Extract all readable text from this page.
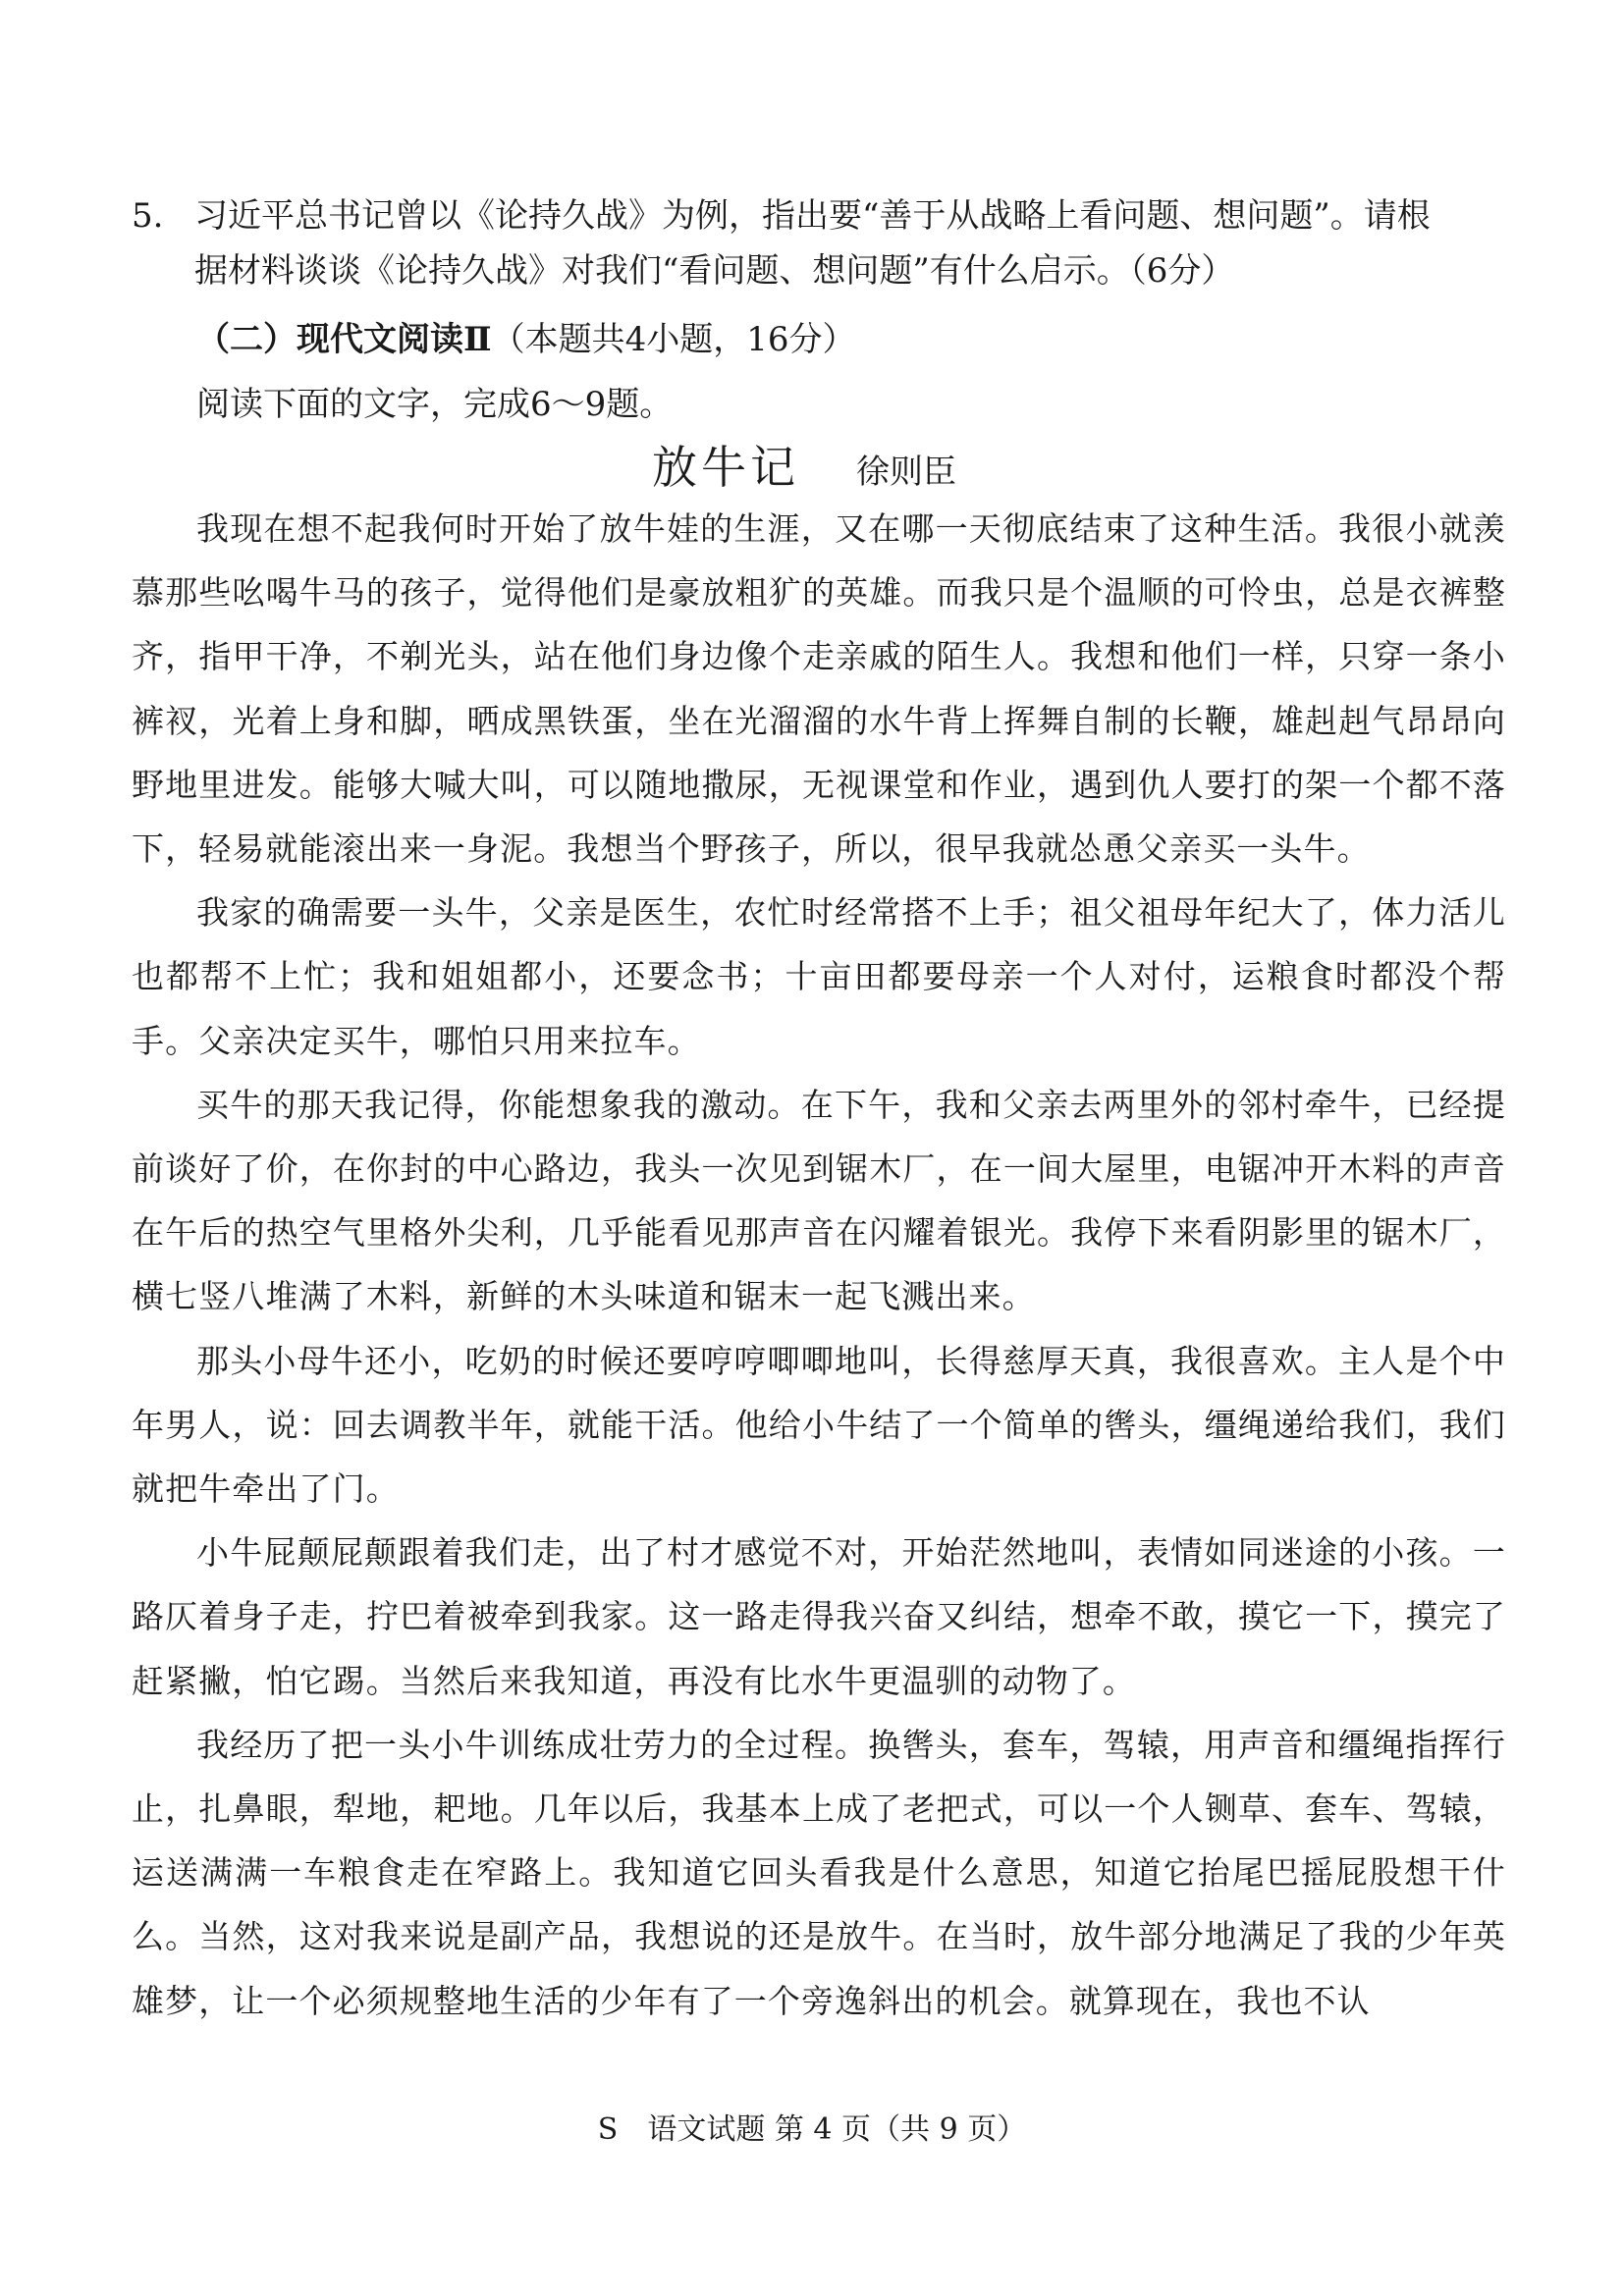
5. 习近平总书记曾以《论持久战》为例，指出要“善于从战略上看问题、想问题”。请根
据材料谈谈《论持久战》对我们“看问题、想问题”有什么启示。（6分）
（二）现代文阅读Ⅱ（本题共4小题，16分）
阅读下面的文字，完成6～9题。
放牛记 徐则臣

我现在想不起我何时开始了放牛娃的生涯，又在哪一天彻底结束了这种生活。我很小就羡慕那些吆喝牛马的孩子，觉得他们是豪放粗犷的英雄。而我只是个温顺的可怜虫，总是衣裤整齐，指甲干净，不剃光头，站在他们身边像个走亲戚的陌生人。我想和他们一样，只穿一条小裤衩，光着上身和脚，晒成黑铁蛋，坐在光溜溜的水牛背上挥舞自制的长鞭，雄赳赳气昂昂向野地里进发。能够大喊大叫，可以随地撒尿，无视课堂和作业，遇到仇人要打的架一个都不落下，轻易就能滚出来一身泥。我想当个野孩子，所以，很早我就怂恿父亲买一头牛。

我家的确需要一头牛，父亲是医生，农忙时经常搭不上手；祖父祖母年纪大了，体力活儿也都帮不上忙；我和姐姐都小，还要念书；十亩田都要母亲一个人对付，运粮食时都没个帮手。父亲决定买牛，哪怕只用来拉车。

买牛的那天我记得，你能想象我的激动。在下午，我和父亲去两里外的邻村牵牛，已经提前谈好了价，在你封的中心路边，我头一次见到锯木厂，在一间大屋里，电锯冲开木料的声音在午后的热空气里格外尖利，几乎能看见那声音在闪耀着银光。我停下来看阴影里的锯木厂，横七竖八堆满了木料，新鲜的木头味道和锯末一起飞溅出来。

那头小母牛还小，吃奶的时候还要哼哼唧唧地叫，长得慈厚天真，我很喜欢。主人是个中年男人，说：回去调教半年，就能干活。他给小牛结了一个简单的辔头，缰绳递给我们，我们就把牛牵出了门。

小牛屁颠屁颠跟着我们走，出了村才感觉不对，开始茫然地叫，表情如同迷途的小孩。一路仄着身子走，拧巴着被牵到我家。这一路走得我兴奋又纠结，想牵不敢，摸它一下，摸完了赶紧撇，怕它踢。当然后来我知道，再没有比水牛更温驯的动物了。

我经历了把一头小牛训练成壮劳力的全过程。换辔头，套车，驾辕，用声音和缰绳指挥行止，扎鼻眼，犁地，耙地。几年以后，我基本上成了老把式，可以一个人铡草、套车、驾辕，运送满满一车粮食走在窄路上。我知道它回头看我是什么意思，知道它抬尾巴摇屁股想干什么。当然，这对我来说是副产品，我想说的还是放牛。在当时，放牛部分地满足了我的少年英雄梦，让一个必须规整地生活的少年有了一个旁逸斜出的机会。就算现在，我也不认

S　语文试题 第 4 页（共 9 页）
